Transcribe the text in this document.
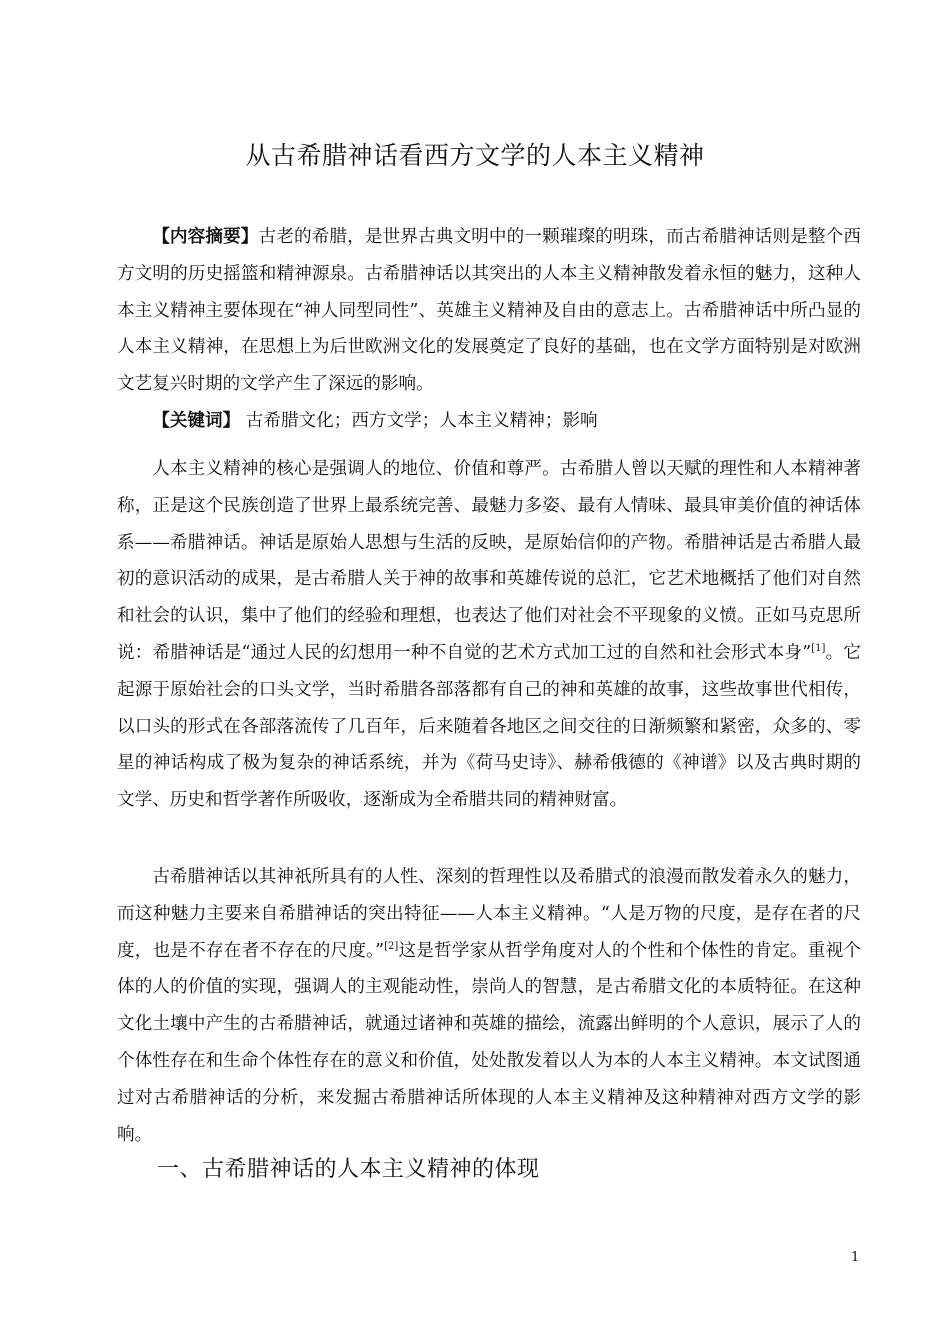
从古希腊神话看西方文学的人本主义精神

【内容摘要】古老的希腊，是世界古典文明中的一颗璀璨的明珠，而古希腊神话则是整个西方文明的历史摇篮和精神源泉。古希腊神话以其突出的人本主义精神散发着永恒的魅力，这种人本主义精神主要体现在“神人同型同性”、英雄主义精神及自由的意志上。古希腊神话中所凸显的人本主义精神，在思想上为后世欧洲文化的发展奠定了良好的基础，也在文学方面特别是对欧洲文艺复兴时期的文学产生了深远的影响。

【关键词】 古希腊文化；西方文学；人本主义精神；影响

人本主义精神的核心是强调人的地位、价值和尊严。古希腊人曾以天赋的理性和人本精神著称，正是这个民族创造了世界上最系统完善、最魅力多姿、最有人情味、最具审美价值的神话体系——希腊神话。神话是原始人思想与生活的反映，是原始信仰的产物。希腊神话是古希腊人最初的意识活动的成果，是古希腊人关于神的故事和英雄传说的总汇，它艺术地概括了他们对自然和社会的认识，集中了他们的经验和理想，也表达了他们对社会不平现象的义愤。正如马克思所说：希腊神话是“通过人民的幻想用一种不自觉的艺术方式加工过的自然和社会形式本身”[1]。它起源于原始社会的口头文学，当时希腊各部落都有自己的神和英雄的故事，这些故事世代相传，以口头的形式在各部落流传了几百年，后来随着各地区之间交往的日渐频繁和紧密，众多的、零星的神话构成了极为复杂的神话系统，并为《荷马史诗》、赫希俄德的《神谱》以及古典时期的文学、历史和哲学著作所吸收，逐渐成为全希腊共同的精神财富。

古希腊神话以其神祇所具有的人性、深刻的哲理性以及希腊式的浪漫而散发着永久的魅力，而这种魅力主要来自希腊神话的突出特征——人本主义精神。“人是万物的尺度，是存在者的尺度，也是不存在者不存在的尺度。”[2]这是哲学家从哲学角度对人的个性和个体性的肯定。重视个体的人的价值的实现，强调人的主观能动性，崇尚人的智慧，是古希腊文化的本质特征。在这种文化土壤中产生的古希腊神话，就通过诸神和英雄的描绘，流露出鲜明的个人意识，展示了人的个体性存在和生命个体性存在的意义和价值，处处散发着以人为本的人本主义精神。本文试图通过对古希腊神话的分析，来发掘古希腊神话所体现的人本主义精神及这种精神对西方文学的影响。

一、古希腊神话的人本主义精神的体现
1
